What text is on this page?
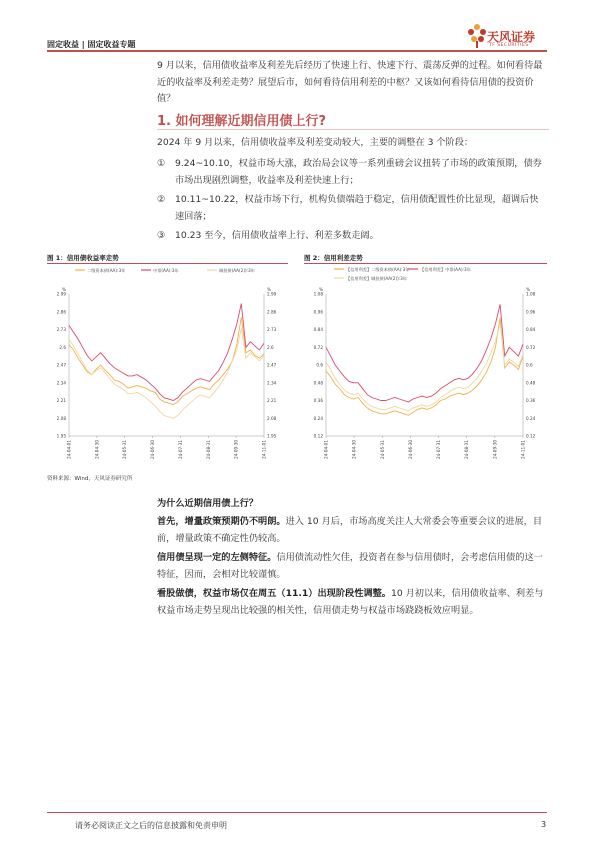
固定收益 | 固定收益专题
天风证券
TF SECURITIES
9 月以来，信用债收益率及利差先后经历了快速上行、快速下行、震荡反弹的过程。如何看待最近的收益率及利差走势？展望后市，如何看待信用利差的中枢？又该如何看待信用债的投资价值？
1. 如何理解近期信用债上行?
2024 年 9 月以来，信用债收益率及利差变动较大，主要的调整在 3 个阶段：
①	9.24~10.10，权益市场大涨，政治局会议等一系列重磅会议扭转了市场的政策预期，债券市场出现剧烈调整，收益率及利差快速上行；
②	10.11~10.22，权益市场下行，机构负债端趋于稳定，信用债配置性价比显现，超调后快速回落；
③	10.23 至今，信用债收益率上行、利差多数走阔。
图 1：信用债收益率走势
二级资本债(AA):3年	中票(AA):3年	城投债(AA(2)):3年
%	%
1.95	1.95
2.08	2.08
2.21	2.21
2.34	2.34
2.47	2.47
2.6	2.6
2.73	2.73
2.86	2.86
2.99	2.99
24-04-01	24-04-30	24-05-31	24-06-30	24-07-31	24-08-31	24-09-30	24-11-01
资料来源：Wind，天风证券研究所
图 2：信用利差走势
【信用利差】二级资本债(AA):3年	【信用利差】中票(AA):3年
【信用利差】城投债(AA(2)):3年
%	%
0.12	0.12
0.24	0.24
0.36	0.36
0.48	0.48
0.6	0.6
0.72	0.72
0.84	0.84
0.96	0.96
1.08	1.08
24-04-01	24-04-30	24-05-31	24-06-30	24-07-31	24-08-31	24-09-30	24-11-01
为什么近期信用债上行？
首先，增量政策预期仍不明朗。进入 10 月后，市场高度关注人大常委会等重要会议的进展，目前，增量政策不确定性仍较高。
信用债呈现一定的左侧特征。信用债流动性欠佳，投资者在参与信用债时，会考虑信用债的这一特征，因而，会相对比较谨慎。
看股做债，权益市场仅在周五（11.1）出现阶段性调整。10 月初以来，信用债收益率、利差与权益市场走势呈现出比较强的相关性，信用债走势与权益市场跷跷板效应明显。
请务必阅读正文之后的信息披露和免责申明	3
